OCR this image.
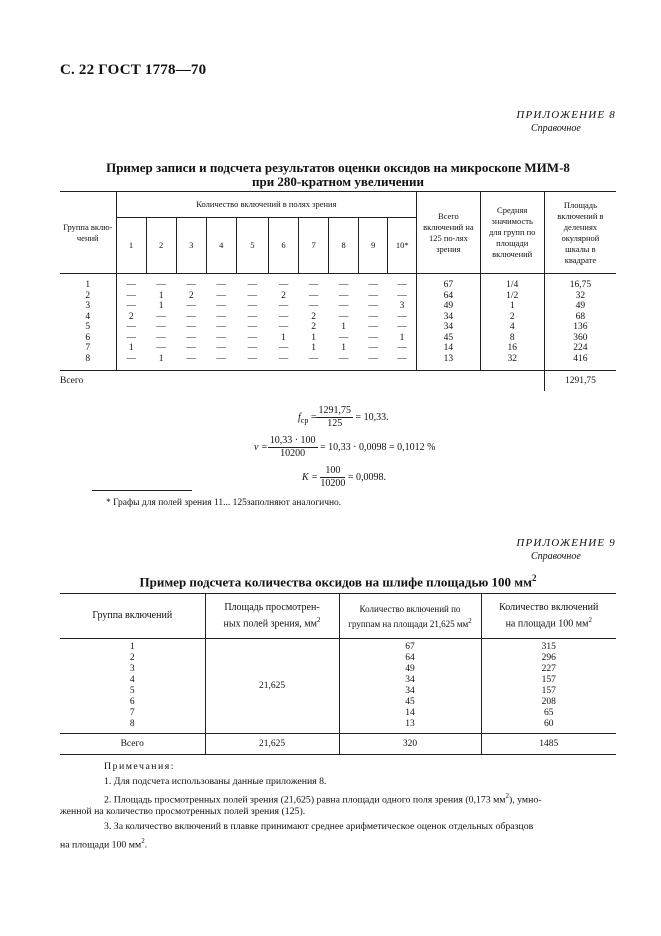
С. 22 ГОСТ 1778—70
ПРИЛОЖЕНИЕ 8
Справочное
Пример записи и подсчета результатов оценки оксидов на микроскопе МИМ-8
при 280-кратном увеличении
Группа вклю-чений	Количество включений в полях зрения										Всего включений на 125 по-лях зрения	Средняя значимость для групп по площади включений	Площадь включений в делениях окулярной шкалы в квадрате
	1	2	3	4	5	6	7	8	9	10*			
1	—	—	—	—	—	—	—	—	—	—	67	1/4	16,75
2	—	1	2	—	—	2	—	—	—	—	64	1/2	32
3	—	1	—	—	—	—	—	—	—	3	49	1	49
4	2	—	—	—	—	—	2	—	—	—	34	2	68
5	—	—	—	—	—	—	2	1	—	—	34	4	136
6	—	—	—	—	—	1	1	—	—	1	45	8	360
7	1	—	—	—	—	—	1	1	—	—	14	16	224
8	—	1	—	—	—	—	—	—	—	—	13	32	416
Всего													1291,75
$f_{ср} = \frac{1291,75}{125} = 10,33$.
$v = \frac{10,33 \cdot 100}{10200} = 10,33 \cdot 0,0098 = 0,1012$ %
$K = \frac{100}{10200} = 0,0098$.
* Графы для полей зрения 11... 125заполняют аналогично.
ПРИЛОЖЕНИЕ 9
Справочное
Пример подсчета количества оксидов на шлифе площадью 100 $мм^2$
Группа включений	Площадь просмотрен-
ных полей зрения, $мм^2$	Количество включений по
группам на площади 21,625 $мм^2$	Количество включений
на площади 100 $мм^2$
1	21,625	67	315
2		64	296
3		49	227
4		34	157
5		34	157
6		45	208
7		14	65
8		13	60
Всего	21,625	320	1485
Примечания:
1. Для подсчета использованы данные приложения 8.
2. Площадь просмотренных полей зрения (21,625) равна площади одного поля зрения (0,173 $мм^2$), умно-
женной на количество просмотренных полей зрения (125).
3. За количество включений в плавке принимают среднее арифметическое оценок отдельных образцов
на площади 100 $мм^2$.
